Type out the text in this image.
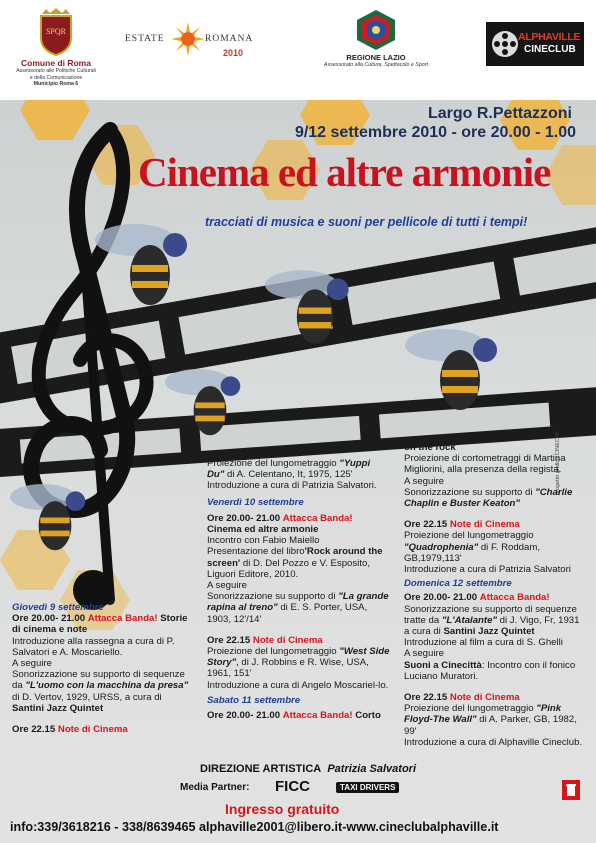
SPQR
Comune di Roma
Assessorato alle Politiche Culturali
e della Comunicazione
Municipio Roma 6
ESTATE	ROMANA
2010	REGIONE LAZIO
Assessorato alla Cultura, Spettacolo e Sport
ALPHAVILLE
CINECLUB
Largo R.Pettazzoni
9/12 settembre 2010 - ore 20.00 - 1.00
Cinema ed altre armonie
tracciati di musica e suoni per pellicole di tutti i tempi!
progetto grafico CINECAT

Giovedì 9 settembre

Ore 20.00- 21.00 Attacca Banda! Storie di cinema e note

Introduzione alla rassegna a cura di P. Salvatori e A. Moscariello.

A seguire

Sonorizzazione su supporto di sequenze da "L'uomo con la macchina da presa" di D. Vertov, 1929, URSS, a cura di Santini Jazz Quintet

Ore 22.15 Note di Cinema

Proiezione del lungometraggio "Yuppi Du" di A. Celentano, It, 1975, 125'

Introduzione a cura di Patrizia Salvatori.

Venerdì 10 settembre

Ore 20.00- 21.00 Attacca Banda!

Cinema ed altre armonie

Incontro con Fabio Maiello

Presentazione del libro'Rock around the screen' di D. Del Pozzo e V. Esposito, Liguori Editore, 2010.

A seguire

Sonorizzazione su supporto di "La grande rapina al treno" di E. S. Porter, USA, 1903, 12'/14'

Ore 22.15 Note di Cinema

Proiezione del lungometraggio "West Side Story", di J. Robbins e R. Wise, USA, 1961, 151'

Introduzione a cura di Angelo Moscariel-lo.

Sabato 11 settembre

Ore 20.00- 21.00 Attacca Banda! Corto

on the rock

Proiezione di cortometraggi di Martina Migliorini, alla presenza della regista.

A seguire

Sonorizzazione su supporto di "Charlie Chaplin e Buster Keaton"

Ore 22.15 Note di Cinema

Proiezione del lungometraggio "Quadrophenia" di F. Roddam, GB,1979,113'

Introduzione a cura di Patrizia Salvatori

Domenica 12 settembre

Ore 20.00- 21.00 Attacca Banda!

Sonorizzazione su supporto di sequenze tratte da "L'Atalante" di J. Vigo, Fr, 1931 a cura di Santini Jazz Quintet

Introduzione al film a cura di S. Ghelli

A seguire

Suoni a Cinecittà: Incontro con il fonico Luciano Muratori.

Ore 22.15 Note di Cinema

Proiezione del lungometraggio "Pink Floyd-The Wall" di A. Parker, GB, 1982, 99'

Introduzione a cura di Alphaville Cineclub.

DIREZIONE ARTISTICA Patrizia Salvatori
Media Partner: FICC	TAXI DRIVERS
Ingresso gratuito
info:339/3618216 - 338/8639465 alphaville2001@libero.it-www.cineclubalphaville.it
